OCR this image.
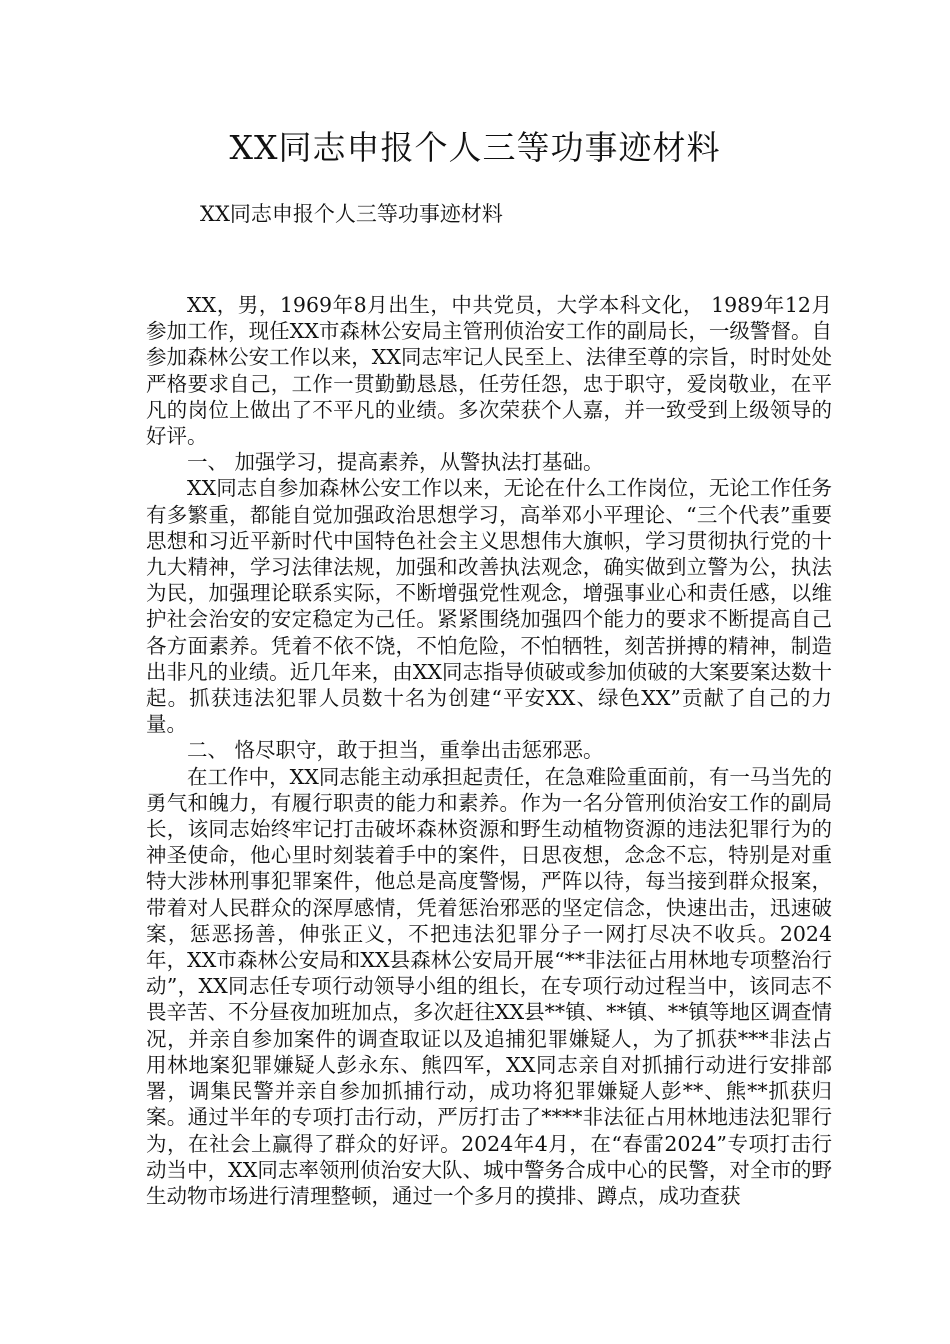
XX同志申报个人三等功事迹材料
XX同志申报个人三等功事迹材料

XX，男，1969年8月出生，中共党员，大学本科文化， 1989年12月参加工作，现任XX市森林公安局主管刑侦治安工作的副局长，一级警督。自参加森林公安工作以来，XX同志牢记人民至上、法律至尊的宗旨，时时处处严格要求自己，工作一贯勤勤恳恳，任劳任怨，忠于职守，爱岗敬业，在平凡的岗位上做出了不平凡的业绩。多次荣获个人嘉，并一致受到上级领导的好评。

一、 加强学习，提高素养，从警执法打基础。

XX同志自参加森林公安工作以来，无论在什么工作岗位，无论工作任务有多繁重，都能自觉加强政治思想学习，高举邓小平理论、“三个代表”重要思想和习近平新时代中国特色社会主义思想伟大旗帜，学习贯彻执行党的十九大精神，学习法律法规，加强和改善执法观念，确实做到立警为公，执法为民，加强理论联系实际，不断增强党性观念，增强事业心和责任感，以维护社会治安的安定稳定为己任。紧紧围绕加强四个能力的要求不断提高自己各方面素养。凭着不依不饶，不怕危险，不怕牺牲，刻苦拼搏的精神，制造出非凡的业绩。近几年来，由XX同志指导侦破或参加侦破的大案要案达数十起。抓获违法犯罪人员数十名为创建“平安XX、绿色XX”贡献了自己的力量。

二、 恪尽职守，敢于担当，重拳出击惩邪恶。

在工作中，XX同志能主动承担起责任，在急难险重面前，有一马当先的勇气和魄力，有履行职责的能力和素养。作为一名分管刑侦治安工作的副局长，该同志始终牢记打击破坏森林资源和野生动植物资源的违法犯罪行为的神圣使命，他心里时刻装着手中的案件，日思夜想，念念不忘，特别是对重特大涉林刑事犯罪案件，他总是高度警惕，严阵以待，每当接到群众报案，带着对人民群众的深厚感情，凭着惩治邪恶的坚定信念，快速出击，迅速破案，惩恶扬善，伸张正义，不把违法犯罪分子一网打尽决不收兵。2024年，XX市森林公安局和XX县森林公安局开展“**非法征占用林地专项整治行动”，XX同志任专项行动领导小组的组长，在专项行动过程当中，该同志不畏辛苦、不分昼夜加班加点，多次赶往XX县**镇、**镇、**镇等地区调查情况，并亲自参加案件的调查取证以及追捕犯罪嫌疑人，为了抓获***非法占用林地案犯罪嫌疑人彭永东、熊四军，XX同志亲自对抓捕行动进行安排部署，调集民警并亲自参加抓捕行动，成功将犯罪嫌疑人彭**、熊**抓获归案。通过半年的专项打击行动，严厉打击了****非法征占用林地违法犯罪行为，在社会上赢得了群众的好评。2024年4月，在“春雷2024”专项打击行动当中，XX同志率领刑侦治安大队、城中警务合成中心的民警，对全市的野生动物市场进行清理整顿，通过一个多月的摸排、蹲点，成功查获
